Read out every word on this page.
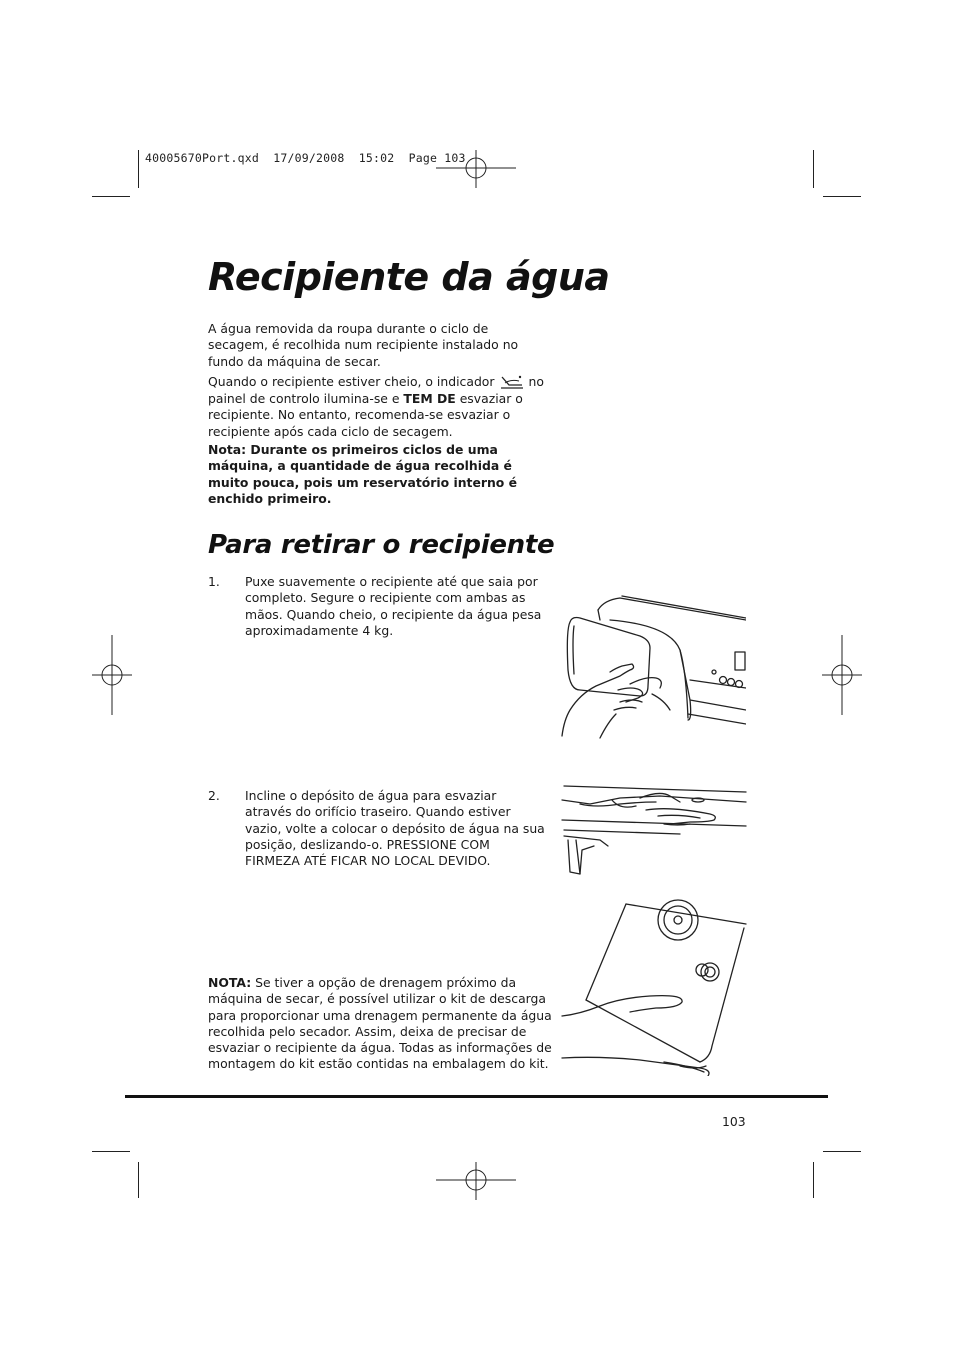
40005670Port.qxd  17/09/2008  15:02  Page 103
Recipiente da água

A água removida da roupa durante o ciclo de secagem, é recolhida num recipiente instalado no fundo da máquina de secar.

Quando o recipiente estiver cheio, o indicador	no painel de controlo ilumina-se e TEM DE esvaziar o recipiente. No entanto, recomenda-se esvaziar o recipiente após cada ciclo de secagem.

Nota: Durante os primeiros ciclos de uma máquina, a quantidade de água recolhida é muito pouca, pois um reservatório interno é enchido primeiro.

Para retirar o recipiente
1. Puxe suavemente o recipiente até que saia por completo. Segure o recipiente com ambas as mãos. Quando cheio, o recipiente da água pesa aproximadamente 4 kg.

2. Incline o depósito de água para esvaziar através do orifício traseiro. Quando estiver vazio, volte a colocar o depósito de água na sua posição, deslizando-o. PRESSIONE COM FIRMEZA ATÉ FICAR NO LOCAL DEVIDO.

NOTA: Se tiver a opção de drenagem próximo da máquina de secar, é possível utilizar o kit de descarga para proporcionar uma drenagem permanente da água recolhida pelo secador. Assim, deixa de precisar de esvaziar o recipiente da água. Todas as informações de montagem do kit estão contidas na embalagem do kit.

103
